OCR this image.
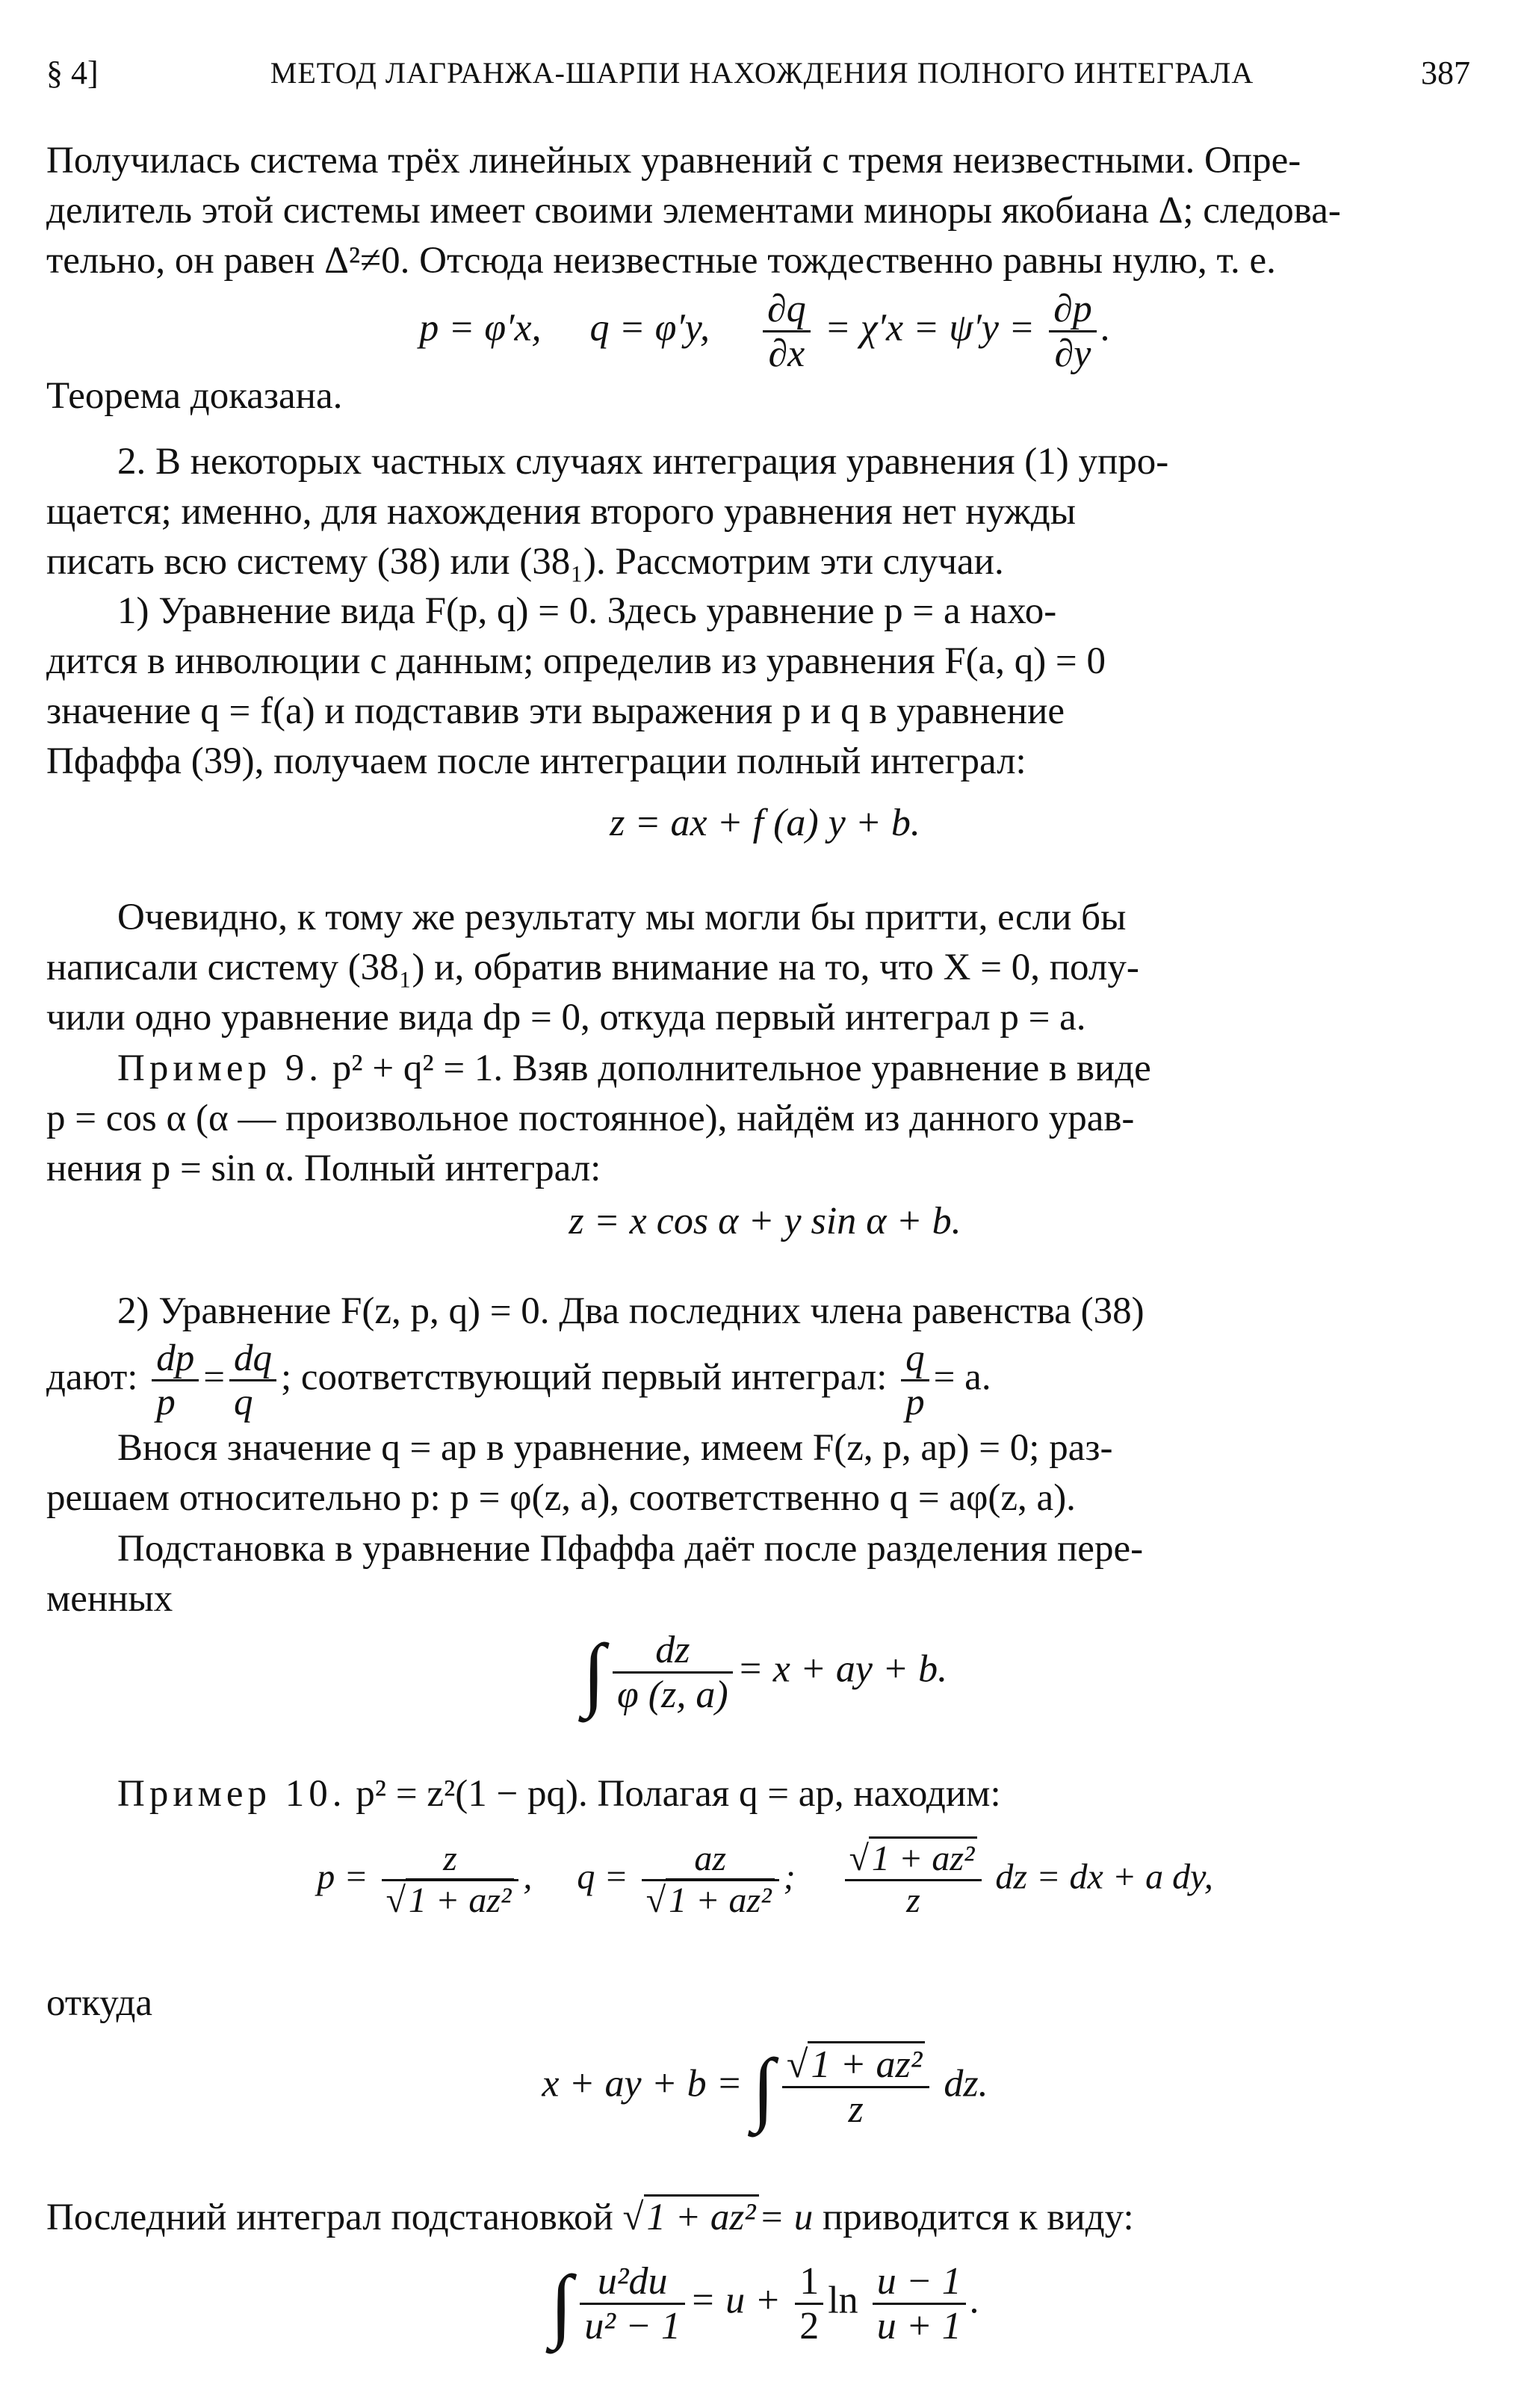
§ 4]	МЕТОД ЛАГРАНЖА-ШАРПИ НАХОЖДЕНИЯ ПОЛНОГО ИНТЕГРАЛА	387
Получилась система трёх линейных уравнений с тремя неизвестными. Опре-
делитель этой системы имеет своими элементами миноры якобиана Δ; следова-
тельно, он равен Δ²≠0. Отсюда неизвестные тождественно равны нулю, т. е.
p = φ′x, q = φ′y, $\frac{\partial q}{\partial x} = \chi'x = \psi'y = \frac{\partial p}{\partial y}$ .
Теорема доказана.
2. В некоторых частных случаях интеграция уравнения (1) упро-
щается; именно, для нахождения второго уравнения нет нужды
писать всю систему (38) или (38₁). Рассмотрим эти случаи.
1) Уравнение вида F(p, q) = 0. Здесь уравнение p = a нахо-
дится в инволюции с данным; определив из уравнения F(a, q) = 0
значение q = f(a) и подставив эти выражения p и q в уравнение
Пфаффа (39), получаем после интеграции полный интеграл:
z = ax + f (a) y + b.
Очевидно, к тому же результату мы могли бы притти, если бы
написали систему (38₁) и, обратив внимание на то, что X = 0, полу-
чили одно уравнение вида dp = 0, откуда первый интеграл p = a.
Пример 9. p² + q² = 1. Взяв дополнительное уравнение в виде
p = cos α (α — произвольное постоянное), найдём из данного урав-
нения p = sin α. Полный интеграл:
z = x cos α + y sin α + b.
2) Уравнение F(z, p, q) = 0. Два последних члена равенства (38)
дают: $\frac{dp}{p} = \frac{dq}{q}$ ; соответствующий первый интеграл: $\frac{q}{p} = a$.
Внося значение q = ap в уравнение, имеем F(z, p, ap) = 0; раз-
решаем относительно p: p = φ(z, a), соответственно q = aφ(z, a).
Подстановка в уравнение Пфаффа даёт после разделения пере-
менных
∫ $\frac{dz}{\varphi (z, a)} = x$ + ay + b.
Пример 10. p² = z²(1 − pq). Полагая q = ap, находим:
$p = \frac{z}{\text{√1 + az²}}$ , $q = \frac{az}{\text{√1 + az²}}$ ; $\frac{\text{√1 + az²}}{z}$ dz = dx + a dy,
откуда
x + ay + b = ∫ $\frac{\text{√1 + az²}}{z}$ dz.
Последний интеграл подстановкой √1 + az²= u приводится к виду:
∫ $\frac{\text{u²du}}{\text{u² − 1}} = u + \frac{1}{2}$ $\ln \frac{u - 1}{u + 1}$ .
